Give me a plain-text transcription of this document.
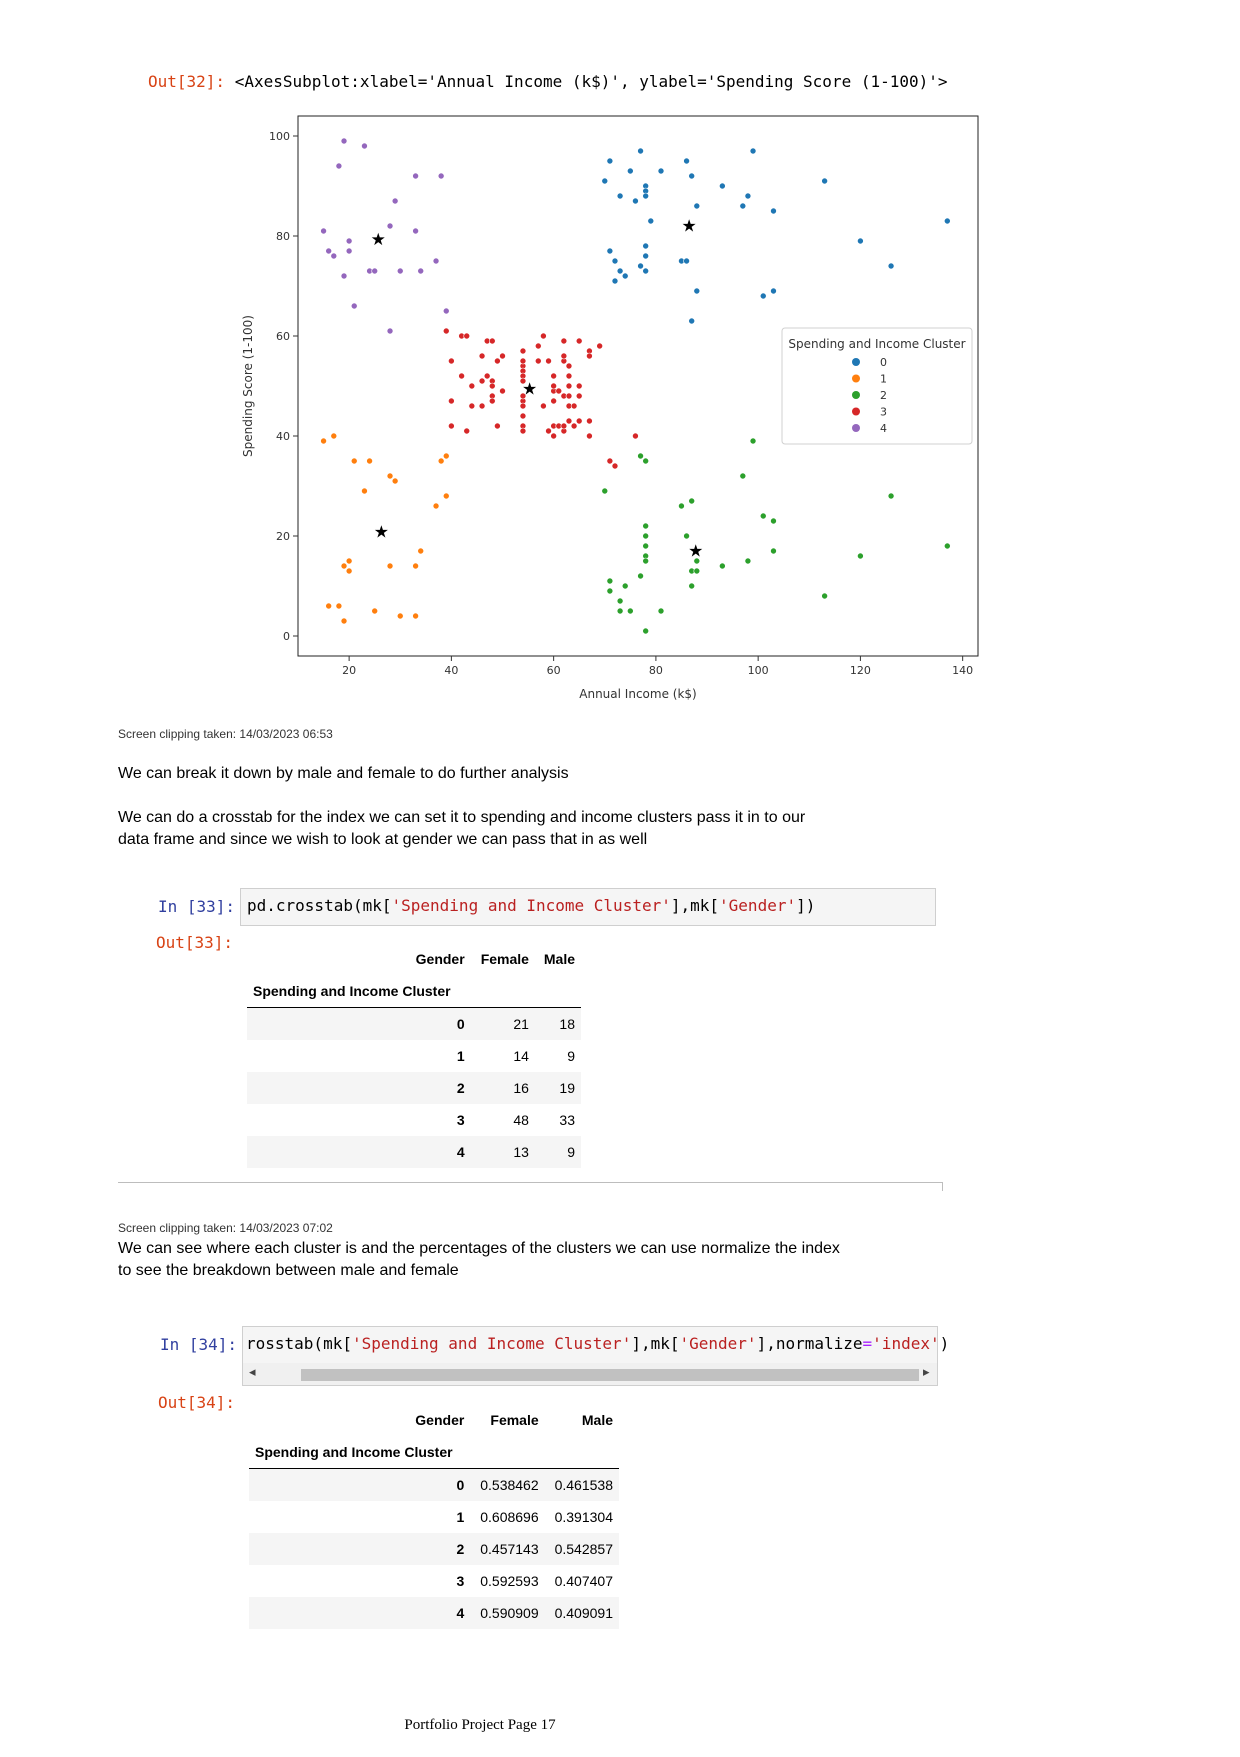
Out[32]: <AxesSubplot:xlabel='Annual Income (k$)', ylabel='Spending Score (1-100)'>
20	40	60	80	100	120	140
0
20
40
60
80
100
Annual Income (k$)
Spending Score (1-100)
★
★
★
★
★
Spending and Income Cluster
0
1
2
3
4
Screen clipping taken: 14/03/2023 06:53
We can break it down by male and female to do further analysis
We can do a crosstab for the index we can set it to spending and income clusters pass it in to our
data frame and since we wish to look at gender we can pass that in as well
In [33]: pd.crosstab(mk['Spending and Income Cluster'],mk['Gender'])
Out[33]:
Gender	Female	Male
Spending and Income Cluster		
0	21	18
1	14	9
2	16	19
3	48	33
4	13	9
Screen clipping taken: 14/03/2023 07:02
We can see where each cluster is and the percentages of the clusters we can use normalize the index
to see the breakdown between male and female
In [34]: rosstab(mk['Spending and Income Cluster'],mk['Gender'],normalize='index')
◂	▸
Out[34]:
Gender	Female	Male
Spending and Income Cluster		
0	0.538462	0.461538
1	0.608696	0.391304
2	0.457143	0.542857
3	0.592593	0.407407
4	0.590909	0.409091
Portfolio Project Page 17
